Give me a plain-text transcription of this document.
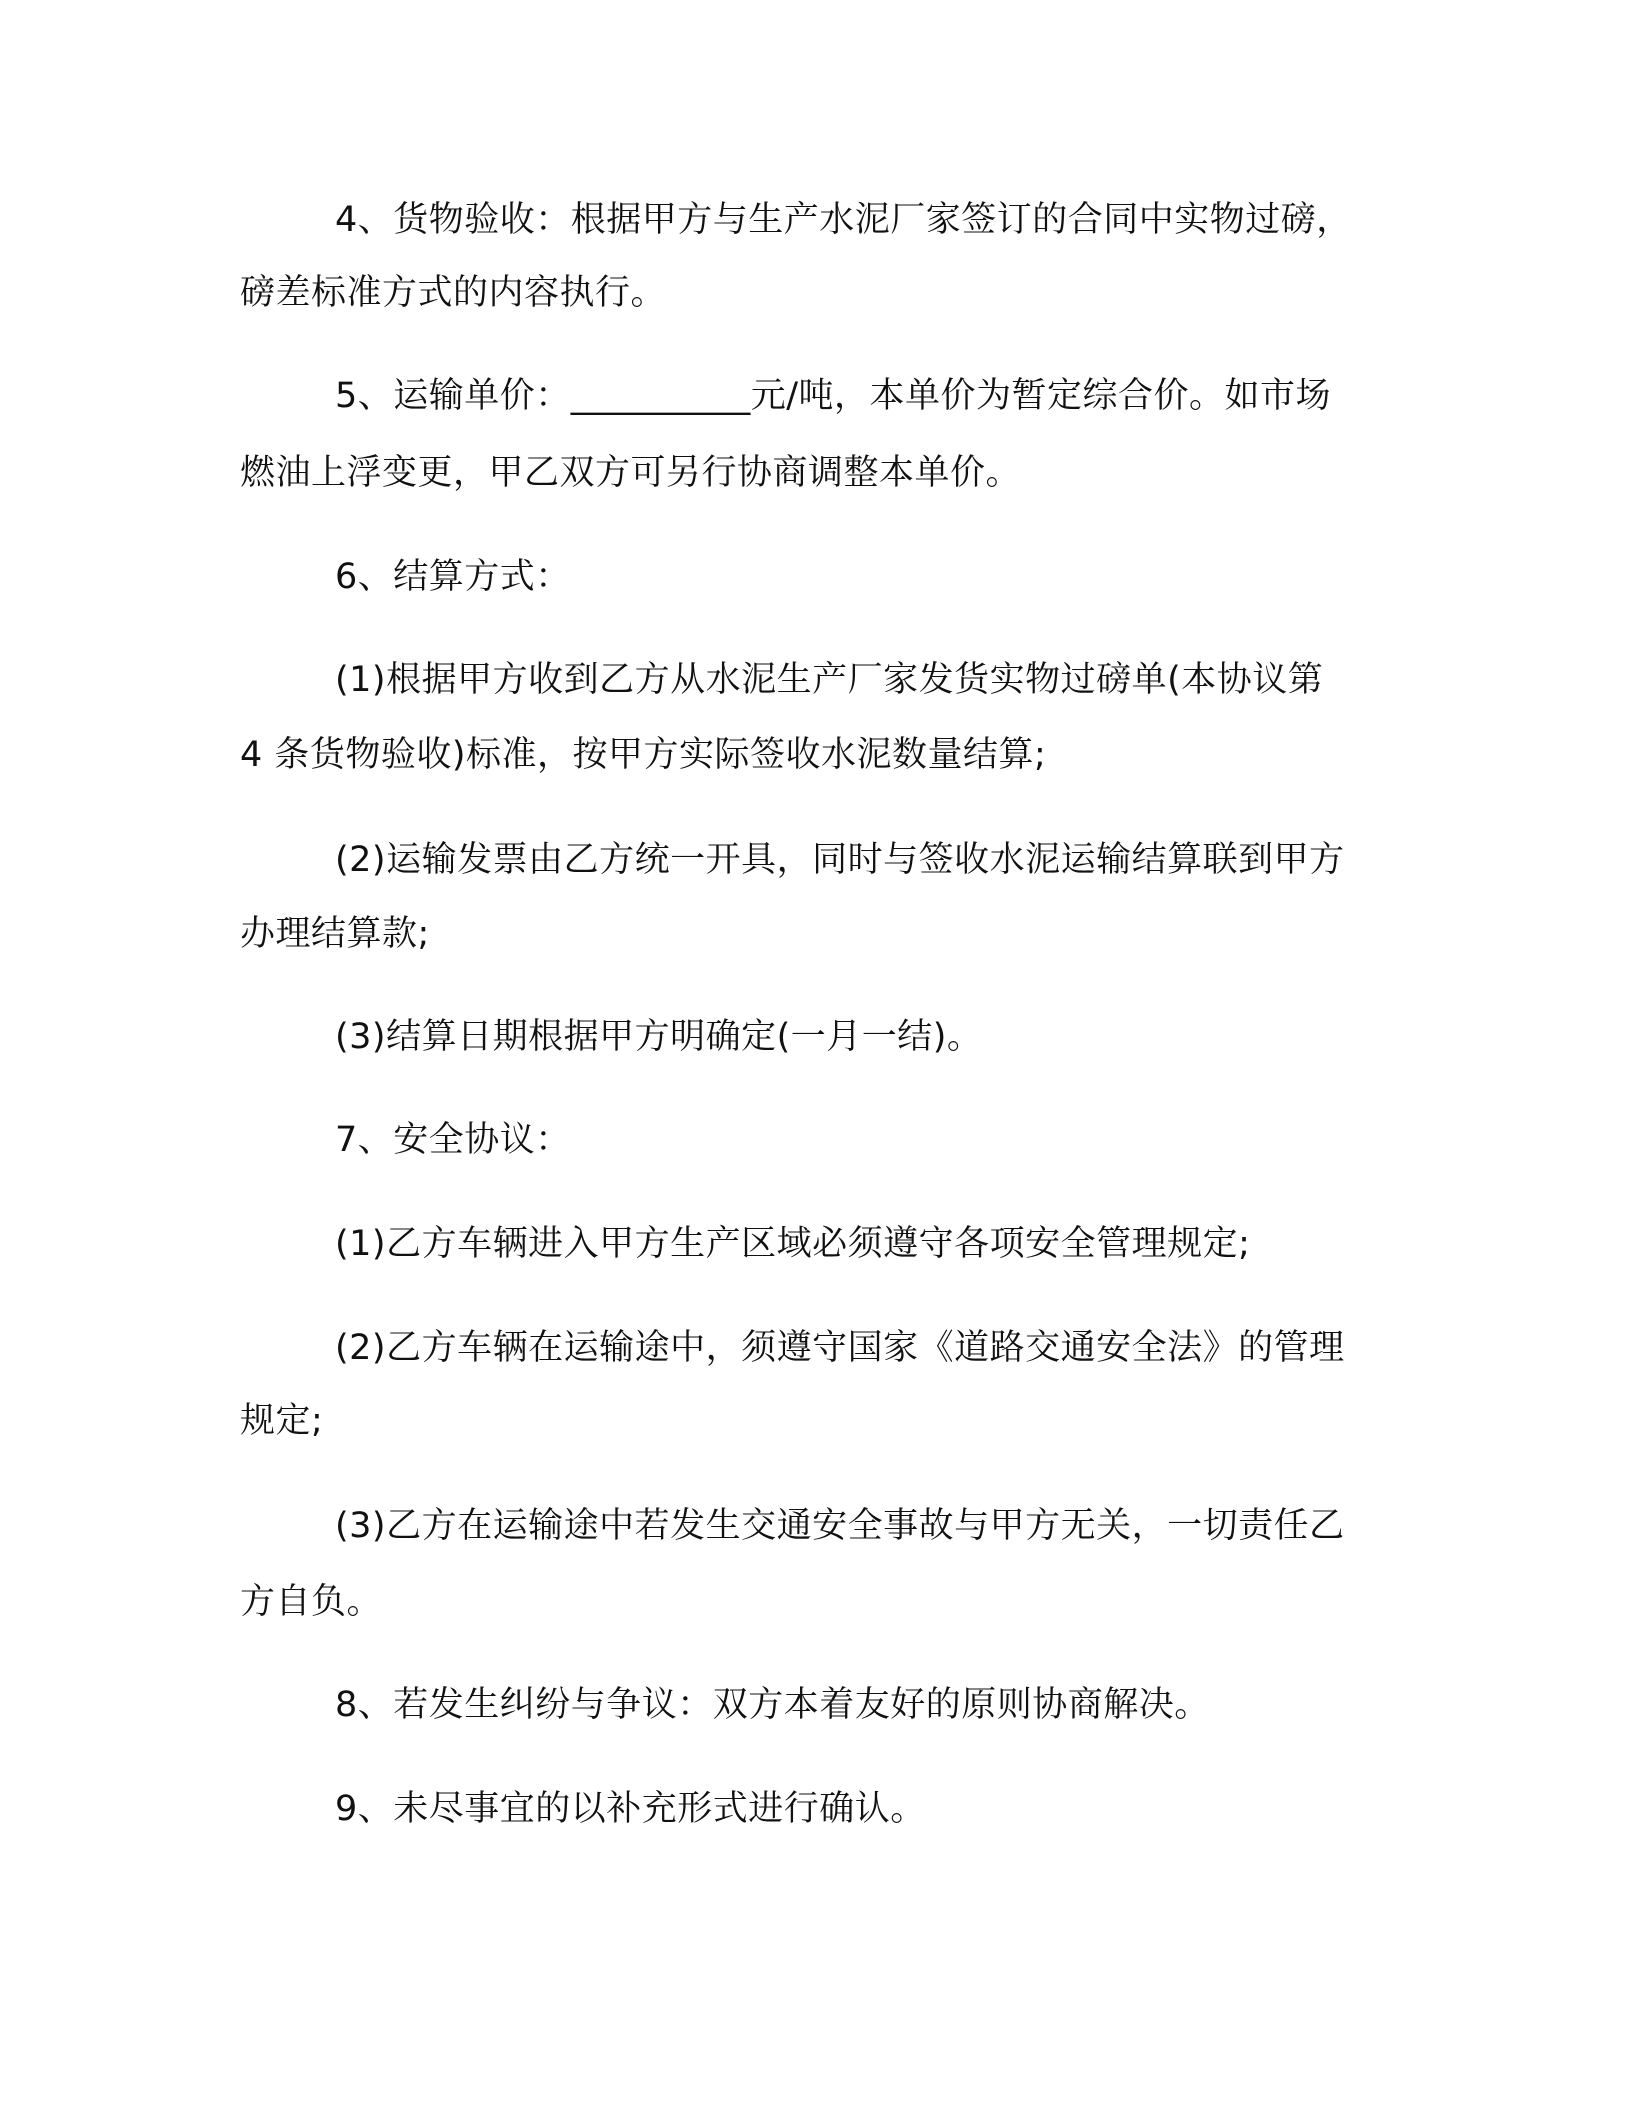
4、货物验收：根据甲方与生产水泥厂家签订的合同中实物过磅，
磅差标准方式的内容执行。
5、运输单价：__________元/吨，本单价为暂定综合价。如市场
燃油上浮变更，甲乙双方可另行协商调整本单价。
6、结算方式：
(1)根据甲方收到乙方从水泥生产厂家发货实物过磅单(本协议第
4 条货物验收)标准，按甲方实际签收水泥数量结算;
(2)运输发票由乙方统一开具，同时与签收水泥运输结算联到甲方
办理结算款;
(3)结算日期根据甲方明确定(一月一结)。
7、安全协议：
(1)乙方车辆进入甲方生产区域必须遵守各项安全管理规定;
(2)乙方车辆在运输途中，须遵守国家《道路交通安全法》的管理
规定;
(3)乙方在运输途中若发生交通安全事故与甲方无关，一切责任乙
方自负。
8、若发生纠纷与争议：双方本着友好的原则协商解决。
9、未尽事宜的以补充形式进行确认。
